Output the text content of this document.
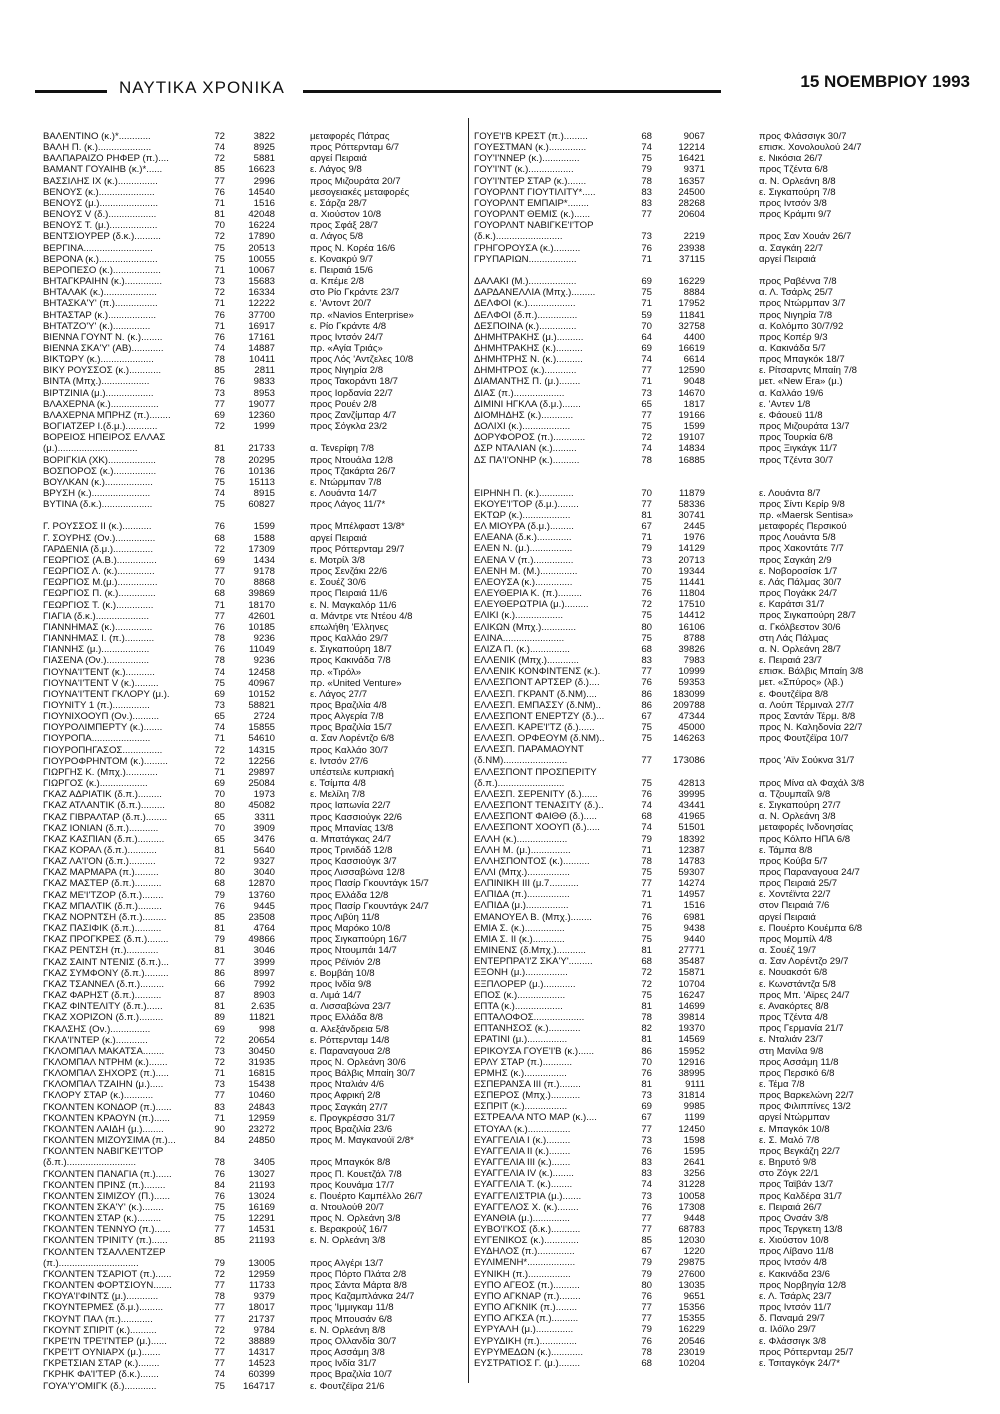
ΝΑΥΤΙΚΑ ΧΡΟΝΙΚΑ	15 ΝΟΕΜΒΡΙΟΥ 1993
ΒΑΛΕΝΤΙΝΟ (κ.)*............	72	3822	μεταφορές Πάτρας
ΒΑΛΗ Π. (κ.)....................	74	8925	προς Ρόττερνταμ 6/7
ΒΑΛΠΑΡΑΙΖΟ ΡΗΦΕΡ (π.)....	72	5881	αργεί Πειραιά
ΒΑΜΑΝΤ ΓΟΥΑΙΗΒ (κ.)*......	85	16623	ε. Λάγος 9/8
ΒΑΣΣΙΛΗΣ ΙΧ (κ.)...............	77	2996	προς Μιζουράτα 20/7
ΒΕΝΟΥΣ (κ.).....................	76	14540	μεσογειακές μεταφορές
ΒΕΝΟΥΣ (μ.)......................	71	1516	ε. Σάρζα 28/7
ΒΕΝΟΥΣ V (δ.)..................	81	42048	α. Χιούστον 10/8
ΒΕΝΟΥΣ Τ. (μ.)..................	70	16224	προς Σφάξ 28/7
ΒΕΝΤΣΙΟΥΡΕΡ (δ.κ.)..........	72	17890	α. Λάγος 5/8
ΒΕΡΓΙΝΑ..........................	75	20513	προς Ν. Κορέα 16/6
ΒΕΡΟΝΑ (κ.)......................	75	10055	ε. Κονακρύ 9/7
ΒΕΡΟΠΕΣΟ (κ.)..................	71	10067	ε. Πειραιά 15/6
ΒΗΤΑΓΚΡΑΙΗΝ (κ.)..............	73	15683	α. Κπέμε 2/8
ΒΗΤΑΛΑΚ (κ.)....................	72	16334	στο Ρίο Γκράντε 23/7
ΒΗΤΑΣΚΑ'Υ' (π.)................	71	12222	ε. 'Αντοντ 20/7
ΒΗΤΑΣΤΑΡ (κ.)..................	76	37700	πρ. «Navios Enterprise»
ΒΗΤΑΤΖΟ'Υ' (κ.)..............	71	16917	ε. Ρίο Γκράντε 4/8
ΒΙΕΝΝΑ ΓΟΥΝΤ Ν. (κ.)........	76	17161	προς Ιντσόν 24/7
ΒΙΕΝΝΑ ΣΚΑ'Υ' (ΑΒ)............	74	14887	πρ. «Αγία Τριάς»
ΒΙΚΤΩΡΥ (κ.)....................	78	10411	προς Λός 'Αντζελες 10/8
ΒΙΚΥ ΡΟΥΣΣΟΣ (κ.)............	85	2811	προς Νιγηρία 2/8
ΒΙΝΤΑ (Μπχ.)..................	76	9833	προς Τακοράντι 18/7
ΒΙΡΤΖΙΝΙΑ (μ.)..................	73	8953	προς Ιορδανία 22/7
ΒΛΑΧΕΡΝΑ (κ.)..................	77	19077	προς Ρουέν 2/8
ΒΛΑΧΕΡΝΑ ΜΠΡΗΖ (π.)........	69	12360	προς Ζανζίμπαρ 4/7
ΒΟΓΙΑΤΖΕΡ Ι.(δ.μ.)............	72	1999	προς Σόγκλα 23/2
ΒΟΡΕΙΟΣ ΗΠΕΙΡΟΣ ΕΛΛΑΣ
(μ.)..............................	81	21733	α. Τενερίφη 7/8
ΒΟΡΙΓΚΙΑ (ΧΚ)..................	78	20295	προς Ντουάλα 12/8
ΒΟΣΠΟΡΟΣ (κ.)................	76	10136	προς Τζακάρτα 26/7
ΒΟΥΛΚΑΝ (κ.)..................	75	15113	ε. Ντώρμπαν 7/8
ΒΡΥΣΗ (κ.)......................	74	8915	ε. Λουάντα 14/7
ΒΥΤΙΝΑ (δ.κ.)...................	75	60827	προς Λάγος 11/7*
Γ. ΡΟΥΣΣΟΣ ΙΙ (κ.)...........	76	1599	προς Μπέλφαστ 13/8*
Γ. ΣΟΥΡΗΣ (Ον.)...............	68	1588	αργεί Πειραιά
ΓΑΡΔΕΝΙΑ (δ.μ.)...............	72	17309	προς Ρόττερνταμ 29/7
ΓΕΩΡΓΙΟΣ (Α.Β.)...............	69	1434	ε. Μοτρίλ 3/8
ΓΕΩΡΓΙΟΣ Λ. (κ.)..............	77	9178	προς Σενζάκι 22/6
ΓΕΩΡΓΙΟΣ Μ.(μ.)...............	70	8868	ε. Σουέζ 30/6
ΓΕΩΡΓΙΟΣ Π. (κ.)..............	68	39869	προς Πειραιά 11/6
ΓΕΩΡΓΙΟΣ Τ. (κ.)..............	71	18170	ε. Ν. Μαγκαλόρ 11/6
ΓΙΑΓΙΑ (δ.κ.)....................	77	42601	α. Μάντρε ντε Ντέου 4/8
ΓΙΑΝΝΗΜΑΣ (κ.)..............	76	10185	επωλήθη 'Ελληνες
ΓΙΑΝΝΗΜΑΣ Ι. (π.)...........	78	9236	προς Καλλάο 29/7
ΓΙΑΝΝΗΣ (μ.)..................	76	11049	ε. Σιγκαπούρη 18/7
ΓΙΑΣΕΝΑ (Ον.)................	78	9236	προς Κακινάδα 7/8
ΓΙΟΥΝΑ'Ι'ΤΕΝΤ (κ.)...........	74	12458	πρ. «Τιρόλ»
ΓΙΟΥΝΑ'Ι'ΤΕΝΤ V (κ.).........	75	40967	πρ. «United Venture»
ΓΙΟΥΝΑ'Ι'ΤΕΝΤ ΓΚΛΟΡΥ (μ.).	69	10152	ε. Λάγος 27/7
ΓΙΟΥΝΙΤΥ 1 (π.)..............	73	58821	προς Βραζιλία 4/8
ΓΙΟΥΝΙΧΟΟΥΠ (Ον.)..........	65	2724	προς Αλγερία 7/8
ΓΙΟΥΡΟΛΙΜΠΕΡΤΥ (κ.).......	74	15855	προς Βραζιλία 15/7
ΓΙΟΥΡΟΠΑ......................	71	54610	α. Σαν Λορέντζο 6/8
ΓΙΟΥΡΟΠΗΓΑΣΟΣ...............	72	14315	προς Καλλάο 30/7
ΓΙΟΥΡΟΦΡΗΝΤΟΜ (κ.).........	72	12256	ε. Ιντσόν 27/6
ΓΙΩΡΓΗΣ Κ. (Μπχ.)............	71	29897	υπέστειλε κυπριακή
ΓΙΩΡΓΟΣ (κ.)..................	69	25084	ε. Τσίμπα 4/8
ΓΚΑΖ ΑΔΡΙΑΤΙΚ (δ.π.).........	70	1973	ε. Μελίλη 7/8
ΓΚΑΖ ΑΤΛΑΝΤΙΚ (δ.π.).........	80	45082	προς Ιαπωνία 22/7
ΓΚΑΖ ΓΙΒΡΑΛΤΑΡ (δ.π.)........	65	3311	προς Κασσιούγκ 22/6
ΓΚΑΖ ΙΟΝΙΑΝ (δ.π.)...........	70	3909	προς Μπανίας 13/8
ΓΚΑΖ ΚΑΣΠΙΑΝ (δ.π.)..........	65	3476	α. Μπατάγκας 24/7
ΓΚΑΖ ΚΟΡΑΛ (δ.π.)...........	81	5640	προς Τρινιδάδ 12/8
ΓΚΑΖ ΛΑ'Ι'ΟΝ (δ.π.)..........	72	9327	προς Κασσιούγκ 3/7
ΓΚΑΖ ΜΑΡΜΑΡΑ (π.).........	80	3040	προς Λισσαβώνα 12/8
ΓΚΑΖ ΜΑΣΤΕΡ (δ.π.)..........	68	12870	προς Πασίρ Γκουντάγκ 15/7
ΓΚΑΖ ΜΕ'Ι'ΤΖΟΡ (δ.π.)........	79	13760	προς Ελλάδα 12/8
ΓΚΑΖ ΜΠΑΛΤΙΚ (δ.π.).........	76	9445	προς Πασίρ Γκουντάγκ 24/7
ΓΚΑΖ ΝΟΡΝΤΣΗ (δ.π.).........	85	23508	προς Λιβύη 11/8
ΓΚΑΖ ΠΑΣΙΦΙΚ (δ.π.)..........	81	4764	προς Μαρόκο 10/8
ΓΚΑΖ ΠΡΟΓΚΡΕΣ (δ.π.)........	79	49866	προς Σιγκαπούρη 16/7
ΓΚΑΖ ΡΕΝΤΣΗ (π.)............	81	3046	προς Ντουμπάι 14/7
ΓΚΑΖ ΣΑΙΝΤ ΝΤΕΝΙΣ (δ.π.)...	77	3999	προς Ρέϊνιόν 2/8
ΓΚΑΖ ΣΥΜΦΟΝΥ (δ.π.).........	86	8997	ε. Βομβάη 10/8
ΓΚΑΖ ΤΣΑΝΝΕΛ (δ.π.).........	66	7992	προς Ινδία 9/8
ΓΚΑΖ ΦΑΡΗΣΤ (δ.π.)..........	87	8903	α. Λιμά 14/7
ΓΚΑΖ ΦΙΝΤΕΛΙΤΥ (δ.π.)......	81	2.635	α. Λισσαβώνα 23/7
ΓΚΑΖ ΧΟΡΙΖΟΝ (δ.π.).........	89	11821	προς Ελλάδα 8/8
ΓΚΑΛΣΗΣ (Ον.)...............	69	998	α. Αλεξάνδρεια 5/8
ΓΚΛΑ'Ι'ΝΤΕΡ (κ.)............	72	20654	ε. Ρόττερνταμ 14/8
ΓΚΛΟΜΠΑΛ ΜΑΚΑΤΣΑ........	73	30450	ε. Παραναγουα 2/8
ΓΚΛΟΜΠΑΛ ΝΤΡΗΜ (κ.).......	72	31935	προς Ν. Ορλεάνη 30/6
ΓΚΛΟΜΠΑΛ ΣΗΧΟΡΣ (π.).....	71	16815	προς Βάλβις Μπαίη 30/7
ΓΚΛΟΜΠΑΛ ΤΖΑΙΗΝ (μ.).....	73	15438	προς Νταλιάν 4/6
ΓΚΛΟΡΥ ΣΤΑΡ (κ.)...........	77	10460	προς Αφρική 2/8
ΓΚΟΛΝΤΕΝ ΚΟΝΔΟΡ (π.)......	83	24843	προς Σαγκάη 27/7
ΓΚΟΛΝΤΕΝ ΚΡΑΟΥΝ (π.)......	71	12959	ε. Προγκρέσσο 31/7
ΓΚΟΛΝΤΕΝ ΛΑΙΔΗ (μ.)........	90	23272	προς Βραζιλία 23/6
ΓΚΟΛΝΤΕΝ ΜΙΖΟΥΣΙΜΑ (π.)...	84	24850	προς Μ. Μαγκανούϊ 2/8*
ΓΚΟΛΝΤΕΝ ΝΑΒΙΓΚΕ'Ι'ΤΟΡ
(δ.π.)..........................	78	3405	προς Μπαγκόκ 8/8
ΓΚΟΛΝΤΕΝ ΠΑΝΑΓΙΑ (π.)......	76	13027	προς Π. Κουετζάλ 7/8
ΓΚΟΛΝΤΕΝ ΠΡΙΝΣ (π.)........	84	21193	προς Κουνάμα 17/7
ΓΚΟΛΝΤΕΝ ΣΙΜΙΖΟΥ (Π.)......	76	13024	ε. Πουέρτο Καμπέλλο 26/7
ΓΚΟΛΝΤΕΝ ΣΚΑ'Υ' (κ.)........	75	16169	α. Ντουλούθ 20/7
ΓΚΟΛΝΤΕΝ ΣΤΑΡ (κ.).........	75	12291	προς Ν. Ορλεάνη 3/8
ΓΚΟΛΝΤΕΝ ΤΕΝΝΥΟ (π.)......	77	14531	ε. Βερακρούζ 16/7
ΓΚΟΛΝΤΕΝ ΤΡΙΝΙΤΥ (π.)......	85	21193	ε. Ν. Ορλεάνη 3/8
ΓΚΟΛΝΤΕΝ ΤΣΑΛΛΕΝΤΖΕΡ
(π.)..............................	79	13005	προς Αλγέρι 13/7
ΓΚΟΛΝΤΕΝ ΤΣΑΡΙΟΤ (π.)......	72	12959	προς Πόρτο Πλάτα 2/8
ΓΚΟΛΝΤΕΝ ΦΟΡΤΣΙΟΥΝ.......	77	11733	προς Σάντα Μάρτα 8/8
ΓΚΟΥΑ'Ι'ΦΙΝΤΣ (μ.)............	78	9379	προς Καζαμπλάνκα 24/7
ΓΚΟΥΝΤΕΡΜΕΣ (δ.μ.).........	77	18017	προς 'Ιμμιγκαμ 11/8
ΓΚΟΥΝΤ ΠΑΛ (π.)............	77	21737	προς Μπουσάν 6/8
ΓΚΟΥΝΤ ΣΠΙΡΙΤ (κ.)..........	72	9784	ε. Ν. Ορλεάνη 8/8
ΓΚΡΕ'Ι'Ν ΤΡΕ'Ι'ΝΤΕΡ (μ.)......	72	38889	προς Ολλανδία 30/7
ΓΚΡΕ'Ι'Τ ΟΥΝΙΑΡΧ (μ.).......	77	14317	προς Ασσάμη 3/8
ΓΚΡΕΤΣΙΑΝ ΣΤΑΡ (κ.)........	77	14523	προς Ινδία 31/7
ΓΚΡΗΚ ΦΑ'Ι'ΤΕΡ (δ.κ.).......	74	60399	προς Βραζιλία 10/7
ΓΟΥΑ'Υ'ΟΜΙΓΚ (δ.)............	75	164717	ε. Φουτζέϊρα 21/6
ΓΟΥΕ'Ι'Β ΚΡΕΣΤ (π.).........	68	9067	προς Φλάσσιγκ 30/7
ΓΟΥΕΣΤΜΑΝ (κ.)..............	74	12214	επισκ. Χονολουλού 24/7
ΓΟΥ'Ι'ΝΝΕΡ (κ.)..............	75	16421	ε. Νικόσια 26/7
ΓΟΥ'Ι'ΝΤ (κ.).................	79	9371	προς Τζέντα 6/8
ΓΟΥ'Ι'ΝΤΕΡ ΣΤΑΡ (κ.).......	78	16357	α. Ν. Ορλεάνη 8/8
ΓΟΥΟΡΛΝΤ ΓΙΟΥΤΙΛΙΤΥ*.....	83	24500	ε. Σιγκαπούρη 7/8
ΓΟΥΟΡΛΝΤ ΕΜΠΑΙΡ*........	83	28268	προς Ιντσόν 3/8
ΓΟΥΟΡΛΝΤ ΘΕΜΙΣ (κ.)......	77	20604	προς Κράμπι 9/7
ΓΟΥΟΡΛΝΤ ΝΑΒΙΓΚΕ'Ι'ΤΟΡ
(δ.κ.).........................	73	2219	προς Σαν Χουάν 26/7
ΓΡΗΓΟΡΟΥΣΑ (κ.)..........	76	23938	α. Σαγκάη 22/7
ΓΡΥΠΑΡΙΩΝ..................	71	37115	αργεί Πειραιά
ΔΑΛΑΚΙ (Μ.)..................	69	16229	προς Ραβέννα 7/8
ΔΑΡΔΑΝΕΛΛΙΑ (Μπχ.).........	75	8884	α. Λ. Τσάρλς 25/7
ΔΕΛΦΟΙ (κ.)..................	71	17952	προς Ντώρμπαν 3/7
ΔΕΛΦΟΙ (δ.π.)...............	59	11841	προς Νιγηρία 7/8
ΔΕΣΠΟΙΝΑ (κ.)..............	70	32758	α. Κολόμπο 30/7/92
ΔΗΜΗΤΡΑΚΗΣ (μ.)..........	64	4400	προς Κοπέρ 9/3
ΔΗΜΗΤΡΑΚΗΣ (κ.)..........	69	16619	α. Κακινάδα 5/7
ΔΗΜΗΤΡΗΣ Ν. (κ.)..........	74	6614	προς Μπαγκόκ 18/7
ΔΗΜΗΤΡΟΣ (κ.)............	77	12590	ε. Ρίτσαρντς Μπαίη 7/8
ΔΙΑΜΑΝΤΗΣ Π. (μ.)........	71	9048	μετ. «New Era» (μ.)
ΔΙΑΣ (π.)...................	73	14670	α. Καλλάο 19/6
ΔΙΜΙΝΙ ΗΓΚΛΑ (δ.μ.).......	65	1817	ε. 'Αντεν 1/8
ΔΙΟΜΗΔΗΣ (κ.)............	77	19166	ε. Φάουεϋ 11/8
ΔΟΛΙΧΙ (κ.)..................	75	1599	προς Μιζουράτα 13/7
ΔΟΡΥΦΟΡΟΣ (π.)............	72	19107	προς Τουρκία 6/8
ΔΣΡ ΝΤΑΛΙΑΝ (κ.).........	74	14834	προς Ξιγκάγκ 11/7
ΔΣ ΠΑ'Ι'ΟΝΗΡ (κ.)..........	78	16885	προς Τζέντα 30/7
ΕΙΡΗΝΗ Π. (κ.).............	70	11879	ε. Λουάντα 8/7
ΕΚΟΥΕ'Ι'ΤΟΡ (δ.μ.)........	77	58336	προς Σίντι Κερίρ 9/8
ΕΚΤΩΡ (κ.)..................	81	30741	πρ. «Maersk Sentisa»
ΕΛ ΜΙΟΥΡΑ (δ.μ.).........	67	2445	μεταφορές Περσικού
ΕΛΕΑΝΑ (δ.κ.).............	71	1976	προς Λουάντα 5/8
ΕΛΕΝ Ν. (μ.)................	79	14129	προς Χακοντάτε 7/7
ΕΛΕΝΑ V (π.)...............	73	20713	προς Σαγκάη 2/9
ΕΛΕΝΗ Μ. (Μ.)..............	70	19344	ε. Νοβοροσίσκ 1/7
ΕΛΕΟΥΣΑ (κ.)..............	75	11441	ε. Λάς Πάλμας 30/7
ΕΛΕΥΘΕΡΙΑ Κ. (π.).........	76	11804	προς Πογάκκ 24/7
ΕΛΕΥΘΕΡΩΤΡΙΑ (μ.).........	72	17510	ε. Καράτσι 31/7
ΕΛΙΚΙ (κ.)..................	75	14412	προς Σιγκαπούρη 28/7
ΕΛΙΚΩΝ (Μπχ.).............	80	16106	α. Γκόλβεστον 30/6
ΕΛΙΝΑ.......................	75	8788	στη Λάς Πάλμας
ΕΛΙΖΑ Π. (κ.)...............	68	39826	α. Ν. Ορλεάνη 28/7
ΕΛΛΕΝΙΚ (Μπχ.)............	83	7983	ε. Πειραιά 23/7
ΕΛΛΕΝΙΚ ΚΟΝΦΙΝΤΕΝΣ (κ.).	77	10999	επισκ. Βάλβις Μπαίη 3/8
ΕΛΛΕΣΠΟΝΤ ΑΡΤΣΕΡ (δ.)....	76	59353	μετ. «Σπύρος» (λβ.)
ΕΛΛΕΣΠ. ΓΚΡΑΝΤ (δ.ΝΜ)....	86	183099	ε. Φουτζέϊρα 8/8
ΕΛΛΕΣΠ. ΕΜΠΑΣΣΥ (δ.ΝΜ)..	86	209788	α. Λούπ Τέρμιναλ 27/7
ΕΛΛΕΣΠΟΝΤ ΕΝΕΡΤΖΥ (δ.)...	67	47344	προς Σαντάν Τέρμ. 8/8
ΕΛΛΕΣΠ. ΚΑΡΕ'Ι'ΤΖ (δ.)......	75	45000	προς Ν. Καληδονία 22/7
ΕΛΛΕΣΠ. ΟΡΦΕΟΥΜ (δ.ΝΜ)..	75	146263	προς Φουτζέϊρα 10/7
ΕΛΛΕΣΠ. ΠΑΡΑΜΑΟΥΝΤ
(δ.ΝΜ)........................	77	173086	προς 'Αϊν Σούκνα 31/7
ΕΛΛΕΣΠΟΝΤ ΠΡΟΣΠΕΡΙΤΥ
(δ.π.).........................	75	42813	προς Μίνα αλ Φαχάλ 3/8
ΕΛΛΕΣΠ. ΣΕΡΕΝΙΤΥ (δ.)......	76	39995	α. Τζουμπαΐλ 9/8
ΕΛΛΕΣΠΟΝΤ ΤΕΝΑΣΙΤΥ (δ.)..	74	43441	ε. Σιγκαπούρη 27/7
ΕΛΛΕΣΠΟΝΤ ΦΑΙΘΘ (δ.).....	68	41965	α. Ν. Ορλεάνη 3/8
ΕΛΛΕΣΠΟΝΤ ΧΟΟΥΠ (δ.).....	74	51501	μεταφορές Ινδονησίας
ΕΛΛΗ (κ.)...................	79	18392	προς Κόλπο ΗΠΑ 6/8
ΕΛΛΗ Μ. (μ.)...............	71	12387	ε. Τάμπα 8/8
ΕΛΛΗΣΠΟΝΤΟΣ (κ.)..........	78	14783	προς Κούβα 5/7
ΕΛΛΙ (Μπχ.)................	75	59307	προς Παραναγουα 24/7
ΕΛΠΙΝΙΚΗ ΙΙΙ (μ.7...........	77	14274	προς Πειραιά 25/7
ΕΛΠΙΔΑ (π.)................	71	14957	ε. Χοντέϊντα 22/7
ΕΛΠΙΔΑ (μ.)................	71	1516	στον Πειραιά 7/6
ΕΜΑΝΟΥΕΛ Β. (Μπχ.)........	76	6981	αργεί Πειραιά
ΕΜΙΑ Σ. (κ.)...............	75	9438	ε. Πουέρτο Κουέμπα 6/8
ΕΜΙΑ Σ. ΙΙ (κ.)............	75	9440	προς Μομπίλ 4/8
ΕΜΙΝΕΝΣ (δ.Μπχ.)...........	81	27771	α. Σουέζ 19/7
ΕΝΤΕΡΠΡΑ'Ι'Ζ ΣΚΑ'Υ'.........	68	35487	α. Σαν Λορέντζο 29/7
ΕΞΟΝΗ (μ.)................	72	15871	ε. Νουακσότ 6/8
ΕΞΠΛΟΡΕΡ (μ.)............	72	10704	ε. Κωνστάντζα 5/8
ΕΠΟΣ (κ.)..................	75	16247	προς Μπ. 'Αϊρες 24/7
ΕΠΤΑ (κ.)..................	81	14699	ε. Ανακόρτες 8/8
ΕΠΤΑΛΟΦΟΣ...................	78	39814	προς Τζέντα 4/8
ΕΠΤΑΝΗΣΟΣ (κ.)............	82	19370	προς Γερμανία 21/7
ΕΡΑΤΙΝΙ (μ.)...............	81	14569	ε. Νταλιάν 23/7
ΕΡΙΚΟΥΣΑ ΓΟΥΕ'Ι'Β (κ.)......	86	15952	στη Μανίλα 9/8
ΕΡΛΥ ΣΤΑΡ (π.)...........	70	12916	προς Ασσάμη 11/8
ΕΡΜΗΣ (κ.)................	76	38995	προς Περσικό 6/8
ΕΣΠΕΡΑΝΣΑ ΙΙΙ (π.)........	81	9111	ε. Τέμα 7/8
ΕΣΠΕΡΟΣ (Μπχ.)...........	73	31814	προς Βαρκελώνη 22/7
ΕΣΠΡΙΤ (κ.)................	69	9985	προς Φιλιππίνες 13/2
ΕΣΤΡΕΑΛΑ ΝΤΟ ΜΑΡ (κ.)....	67	1199	αργεί Ντώρμπαν
ΕΤΟΥΑΛ (κ.)................	77	12450	ε. Μπαγκόκ 10/8
ΕΥΑΓΓΕΛΙΑ Ι (κ.).........	73	1598	ε. Σ. Μαλό 7/8
ΕΥΑΓΓΕΛΙΑ ΙΙ (κ.)........	76	1595	προς Βεγκάζη 22/7
ΕΥΑΓΓΕΛΙΑ ΙΙΙ (κ.).......	83	2641	ε. Βηρυτό 9/8
ΕΥΑΓΓΕΛΙΑ ΙV (κ.)........	83	3256	στο Ζόγκ 22/1
ΕΥΑΓΓΕΛΙΑ Τ. (κ.)........	74	31228	προς Ταϊβάν 13/7
ΕΥΑΓΓΕΛΙΣΤΡΙΑ (μ.).......	73	10058	προς Καλδέρα 31/7
ΕΥΑΓΓΕΛΟΣ Χ. (κ.)........	76	17308	ε. Πειραιά 26/7
ΕΥΑΝΘΙΑ (μ.)..............	77	9448	προς Ονσάν 3/8
ΕΥΒΟ'Ι'ΚΟΣ (δ.κ.)...........	77	68783	προς Τεργκετη 13/8
ΕΥΓΕΝΙΚΟΣ (κ.).............	85	12030	ε. Χιούστον 10/8
ΕΥΔΗΛΟΣ (π.)..............	67	1220	προς Λίβανο 11/8
ΕΥΛΙΜΕΝΗ*..................	79	29875	προς Ιντσόν 4/8
ΕΥΝΙΚΗ (π.)................	79	27600	ε. Κακινάδα 23/6
ΕΥΠΟ ΑΓΕΟΣ (π.)..........	80	13035	προς Νορβηγία 12/8
ΕΥΠΟ ΑΓΚΝΑΡ (π.)........	76	9651	ε. Λ. Τσάρλς 23/7
ΕΥΠΟ ΑΓΚΝΙΚ (π.)........	77	15356	προς Ιντσόν 11/7
ΕΥΠΟ ΑΓΚΣΑ (π.)..........	77	15355	δ. Παναμά 29/7
ΕΥΡΥΑΛΗ (μ.)..............	79	16229	α. Ιλόϊλο 29/7
ΕΥΡΥΔΙΚΗ (π.)..............	76	20546	ε. Φλάσσιγκ 3/8
ΕΥΡΥΜΕΔΩΝ (κ.)............	78	23019	προς Ρόττερνταμ 25/7
ΕΥΣΤΡΑΤΙΟΣ Γ. (μ.)........	68	10204	ε. Τσιταγκόγκ 24/7*
